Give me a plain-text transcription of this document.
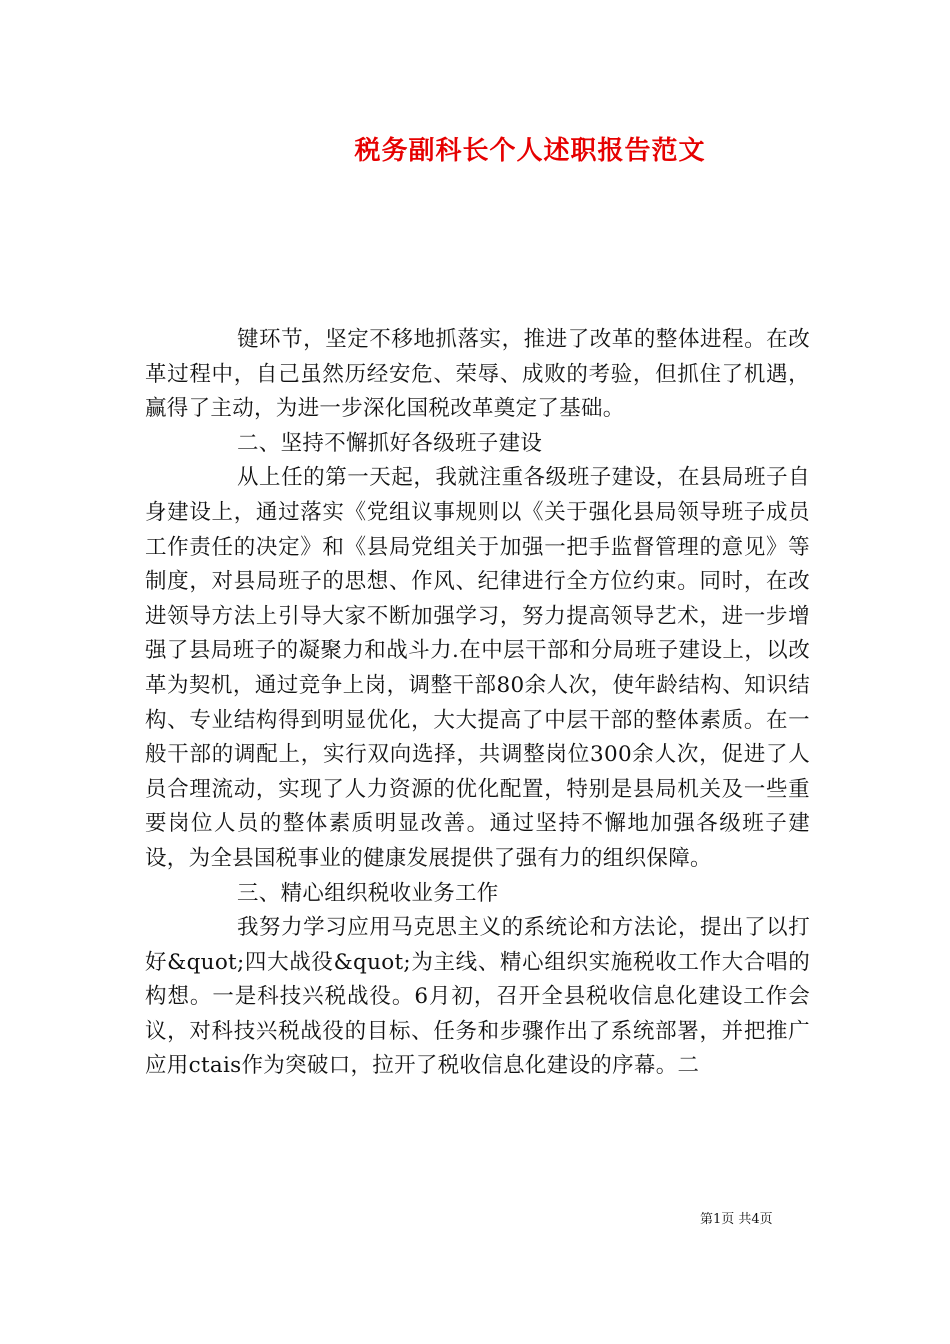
税务副科长个人述职报告范文

键环节，坚定不移地抓落实，推进了改革的整体进程。在改革过程中，自己虽然历经安危、荣辱、成败的考验，但抓住了机遇，赢得了主动，为进一步深化国税改革奠定了基础。

二、坚持不懈抓好各级班子建设

从上任的第一天起，我就注重各级班子建设，在县局班子自身建设上，通过落实《党组议事规则以《关于强化县局领导班子成员工作责任的决定》和《县局党组关于加强一把手监督管理的意见》等制度，对县局班子的思想、作风、纪律进行全方位约束。同时，在改进领导方法上引导大家不断加强学习，努力提高领导艺术，进一步增强了县局班子的凝聚力和战斗力.在中层干部和分局班子建设上，以改革为契机，通过竞争上岗，调整干部80余人次，使年龄结构、知识结构、专业结构得到明显优化，大大提高了中层干部的整体素质。在一般干部的调配上，实行双向选择，共调整岗位300余人次，促进了人员合理流动，实现了人力资源的优化配置，特别是县局机关及一些重要岗位人员的整体素质明显改善。通过坚持不懈地加强各级班子建设，为全县国税事业的健康发展提供了强有力的组织保障。

三、精心组织税收业务工作

我努力学习应用马克思主义的系统论和方法论，提出了以打好&quot;四大战役&quot;为主线、精心组织实施税收工作大合唱的构想。一是科技兴税战役。6月初，召开全县税收信息化建设工作会议，对科技兴税战役的目标、任务和步骤作出了系统部署，并把推广应用ctais作为突破口，拉开了税收信息化建设的序幕。二

第1页 共4页
